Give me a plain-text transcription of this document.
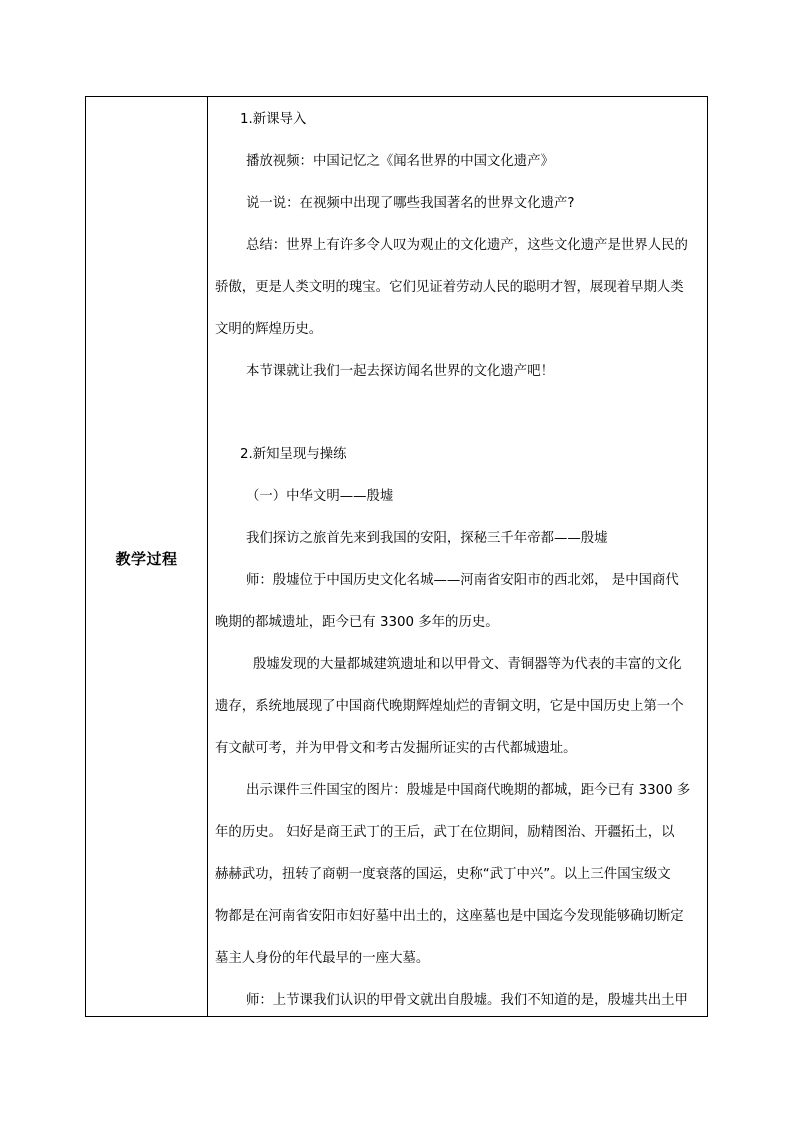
教学过程
1.新课导入
播放视频：中国记忆之《闻名世界的中国文化遗产》
说一说：在视频中出现了哪些我国著名的世界文化遗产?
总结：世界上有许多令人叹为观止的文化遗产，这些文化遗产是世界人民的
骄傲，更是人类文明的瑰宝。它们见证着劳动人民的聪明才智，展现着早期人类
文明的辉煌历史。
本节课就让我们一起去探访闻名世界的文化遗产吧！
2.新知呈现与操练
（一）中华文明——殷墟
我们探访之旅首先来到我国的安阳，探秘三千年帝都——殷墟
师：殷墟位于中国历史文化名城——河南省安阳市的西北郊， 是中国商代
晚期的都城遗址，距今已有 3300 多年的历史。
殷墟发现的大量都城建筑遗址和以甲骨文、青铜器等为代表的丰富的文化
遗存，系统地展现了中国商代晚期辉煌灿烂的青铜文明，它是中国历史上第一个
有文献可考，并为甲骨文和考古发掘所证实的古代都城遗址。
出示课件三件国宝的图片：殷墟是中国商代晚期的都城，距今已有 3300 多
年的历史。 妇好是商王武丁的王后，武丁在位期间，励精图治、开疆拓土，以
赫赫武功，扭转了商朝一度衰落的国运，史称“武丁中兴”。以上三件国宝级文
物都是在河南省安阳市妇好墓中出土的，这座墓也是中国迄今发现能够确切断定
墓主人身份的年代最早的一座大墓。
师：上节课我们认识的甲骨文就出自殷墟。我们不知道的是，殷墟共出土甲
